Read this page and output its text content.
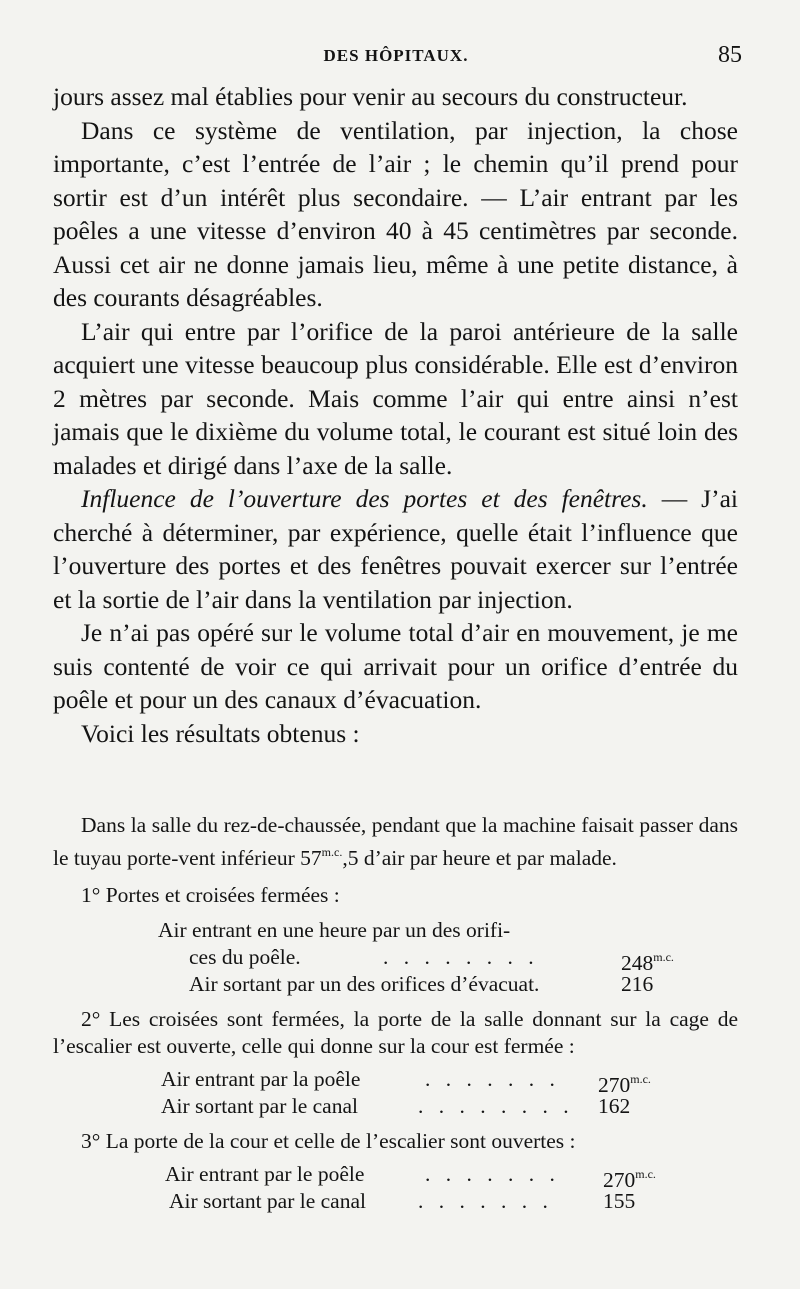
DES HÔPITAUX.	85

jours assez mal établies pour venir au secours du constructeur.

Dans ce système de ventilation, par injection, la chose importante, c’est l’entrée de l’air ; le chemin qu’il prend pour sortir est d’un intérêt plus secondaire. — L’air entrant par les poêles a une vitesse d’environ 40 à 45 centimètres par seconde. Aussi cet air ne donne jamais lieu, même à une petite distance, à des courants désagréables.

L’air qui entre par l’orifice de la paroi antérieure de la salle acquiert une vitesse beaucoup plus considérable. Elle est d’environ 2 mètres par seconde. Mais comme l’air qui entre ainsi n’est jamais que le dixième du volume total, le courant est situé loin des malades et dirigé dans l’axe de la salle.

Influence de l’ouverture des portes et des fenêtres. — J’ai cherché à déterminer, par expérience, quelle était l’influence que l’ouverture des portes et des fenêtres pouvait exercer sur l’entrée et la sortie de l’air dans la ventilation par injection.

Je n’ai pas opéré sur le volume total d’air en mouvement, je me suis contenté de voir ce qui arrivait pour un orifice d’entrée du poêle et pour un des canaux d’évacuation.

Voici les résultats obtenus :

Dans la salle du rez-de-chaussée, pendant que la machine faisait passer dans le tuyau porte-vent inférieur $57^{m.c.},5$ d’air par heure et par malade.

1° Portes et croisées fermées :

Air entrant en une heure par un des orifi-
ces du poêle.	. . . . . . . .	$248^{m.c.}$
Air sortant par un des orifices d’évacuat.	216

2° Les croisées sont fermées, la porte de la salle donnant sur la cage de l’escalier est ouverte, celle qui donne sur la cour est fermée :

Air entrant par la poêle	. . . . . . . $270^{m.c.}$
Air sortant par le canal	. . . . . . . . 162

3° La porte de la cour et celle de l’escalier sont ouvertes :

Air entrant par le poêle	. . . . . . . $270^{m.c.}$
Air sortant par le canal . . . . . . . 155
